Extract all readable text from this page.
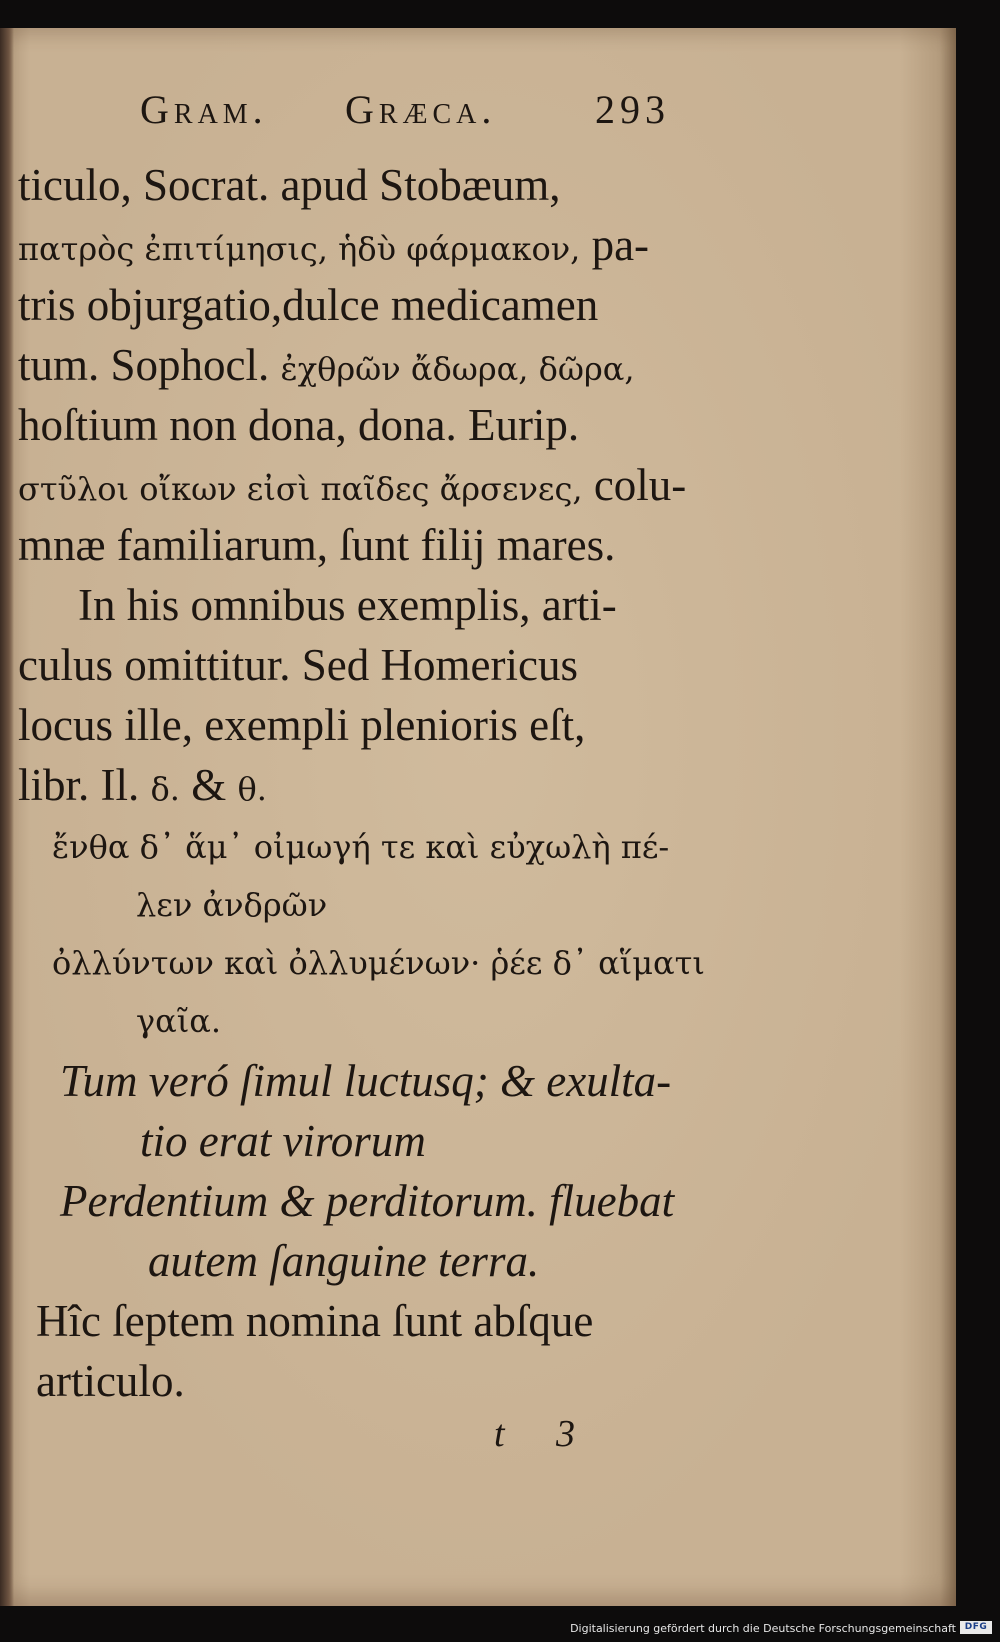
Gram. Græca. 293
ticulo, Socrat. apud Stobæum,
πατρὸς ἐπιτίμησις, ἡδὺ φάρμακον, pa-
tris objurgatio,dulce medicamen
tum. Sophocl. ἐχθρῶν ἄδωρα, δῶρα,
hoſtium non dona, dona. Eurip.
στῦλοι οἴκων εἰσὶ παῖδες ἄρσενες, colu-
mnæ familiarum, ſunt filij mares.
In his omnibus exemplis, arti-
culus omittitur. Sed Homericus
locus ille, exempli plenioris eſt,
libr. Il. δ. & θ.
ἔνθα δ᾽ ἅμ᾽ οἰμωγή τε καὶ εὐχωλὴ πέ-
λεν ἀνδρῶν
ὀλλύντων καὶ ὀλλυμένων· ῥέε δ᾽ αἵματι
γαῖα.
Tum veró ſimul luctusq; & exulta-
tio erat virorum
Perdentium & perditorum. fluebat
autem ſanguine terra.
Hîc ſeptem nomina ſunt abſque
articulo.
t 3
Digitalisierung gefördert durch die Deutsche Forschungsgemeinschaft DFG
